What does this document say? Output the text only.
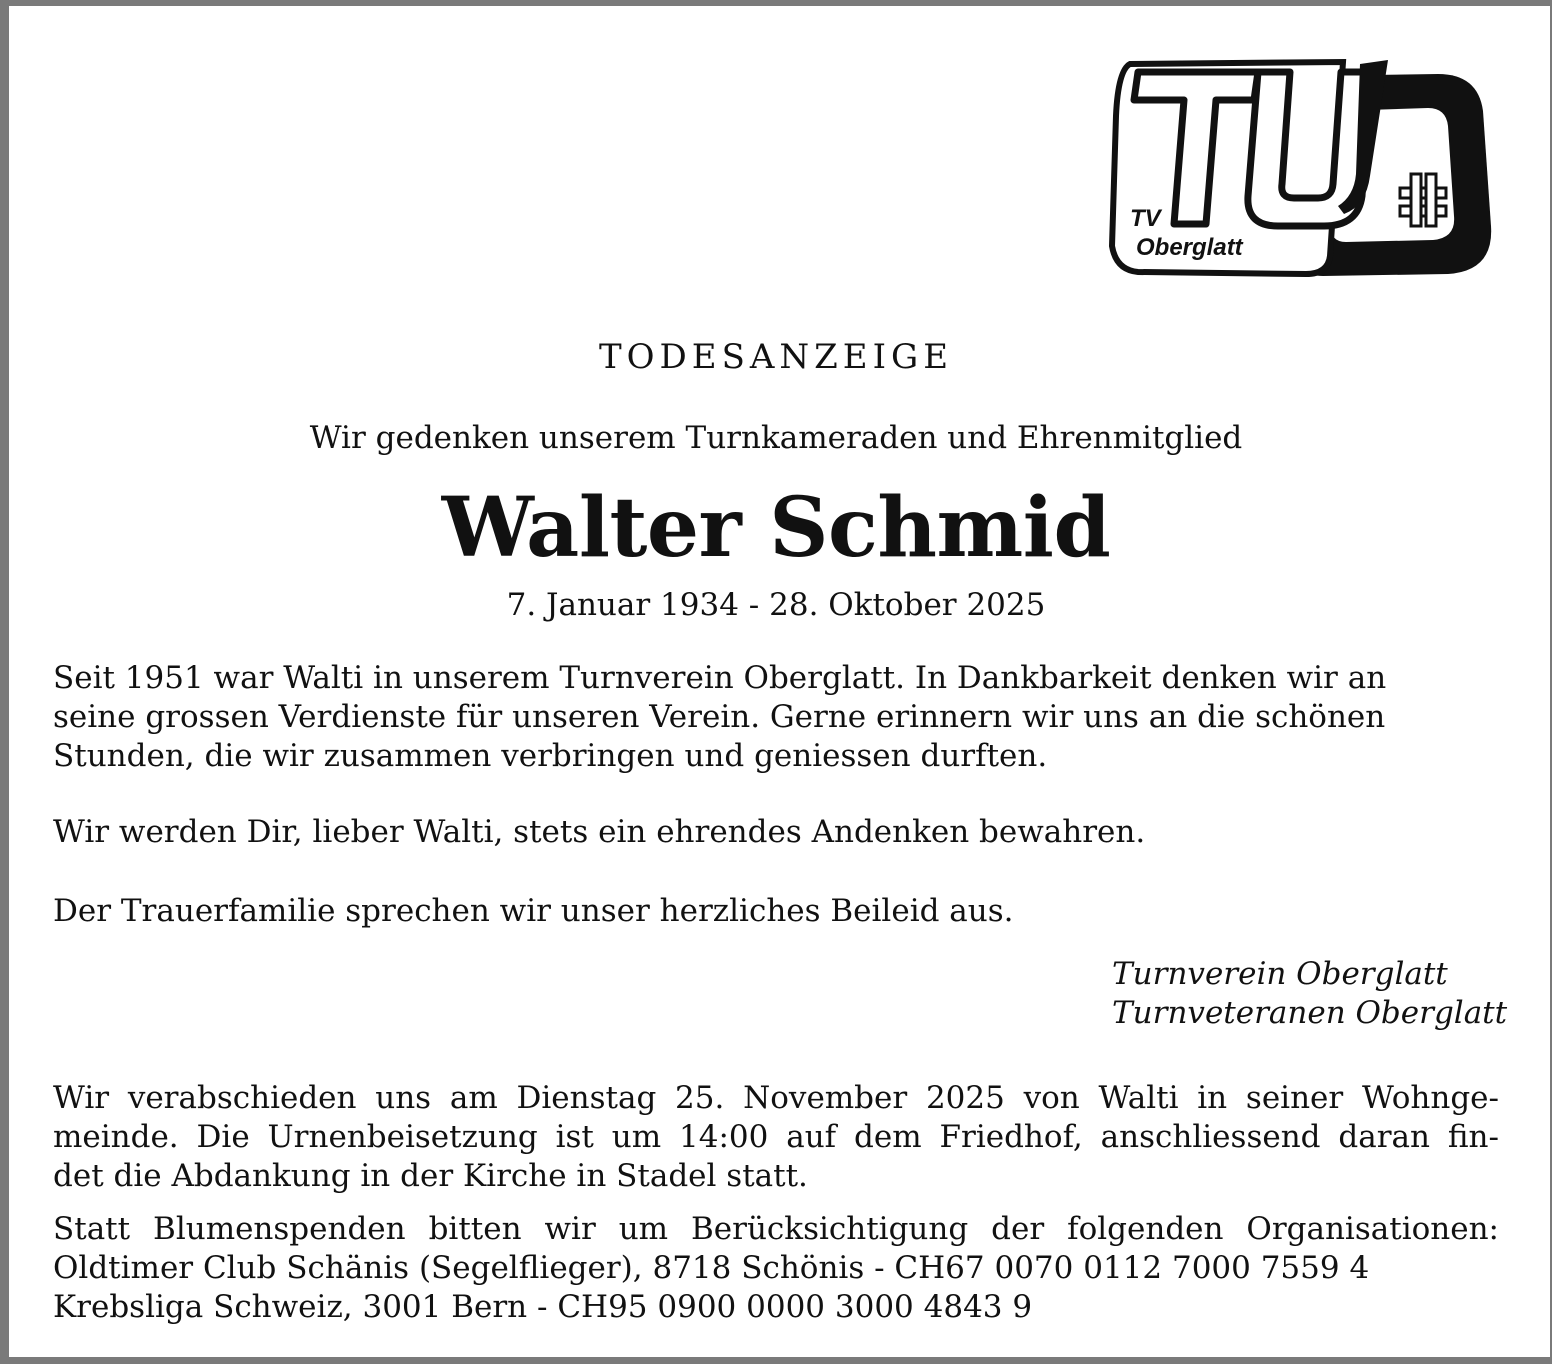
TV
Oberglatt
TODESANZEIGE
Wir gedenken unserem Turnkameraden und Ehrenmitglied
Walter Schmid
7. Januar 1934 - 28. Oktober 2025
Seit 1951 war Walti in unserem Turnverein Oberglatt. In Dankbarkeit denken wir an
seine grossen Verdienste für unseren Verein. Gerne erinnern wir uns an die schönen
Stunden, die wir zusammen verbringen und geniessen durften.
Wir werden Dir, lieber Walti, stets ein ehrendes Andenken bewahren.
Der Trauerfamilie sprechen wir unser herzliches Beileid aus.
Turnverein Oberglatt
Turnveteranen Oberglatt
Wir verabschieden uns am Dienstag 25. November 2025 von Walti in seiner Wohnge-
meinde. Die Urnenbeisetzung ist um 14:00 auf dem Friedhof, anschliessend daran fin-
det die Abdankung in der Kirche in Stadel statt.
Statt Blumenspenden bitten wir um Berücksichtigung der folgenden Organisationen:
Oldtimer Club Schänis (Segelflieger), 8718 Schönis - CH67 0070 0112 7000 7559 4
Krebsliga Schweiz, 3001 Bern - CH95 0900 0000 3000 4843 9
